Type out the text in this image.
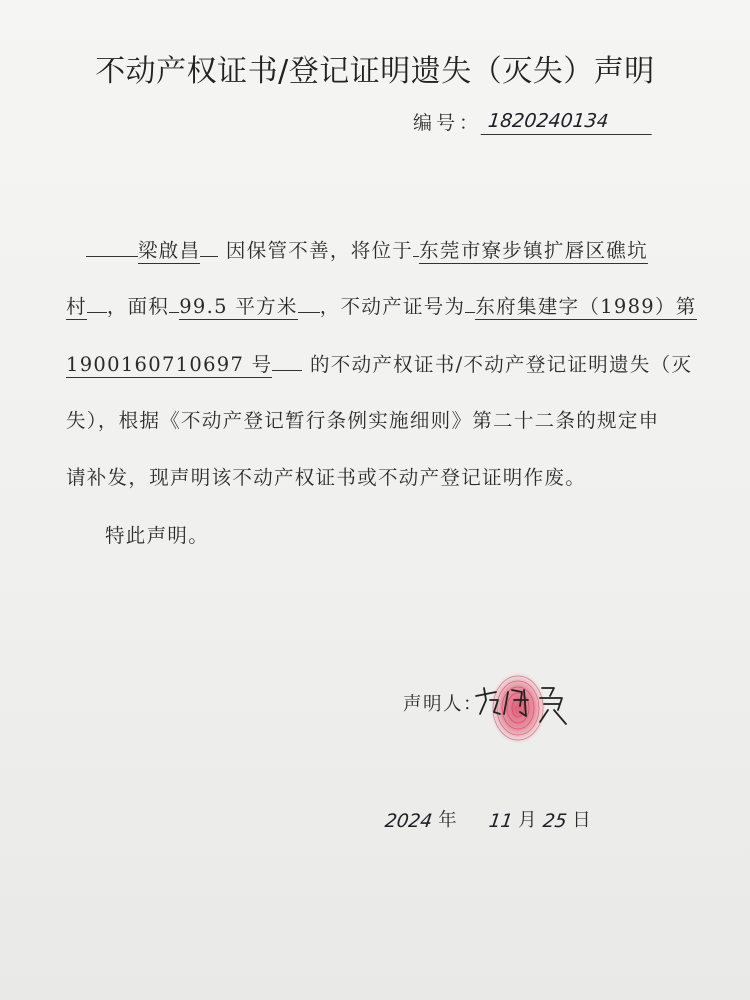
不动产权证书/登记证明遗失（灭失）声明
编号： 1820240134
梁啟昌 因保管不善，将位于 东莞市寮步镇扩唇区礁坑
村 ，面积 99.5 平方米 ，不动产证号为 东府集建字（1989）第
1900160710697 号 的不动产权证书/不动产登记证明遗失（灭
失），根据《不动产登记暂行条例实施细则》第二十二条的规定申
请补发，现声明该不动产权证书或不动产登记证明作废。
特此声明。
声明人：
2024 年 11 月 25 日
